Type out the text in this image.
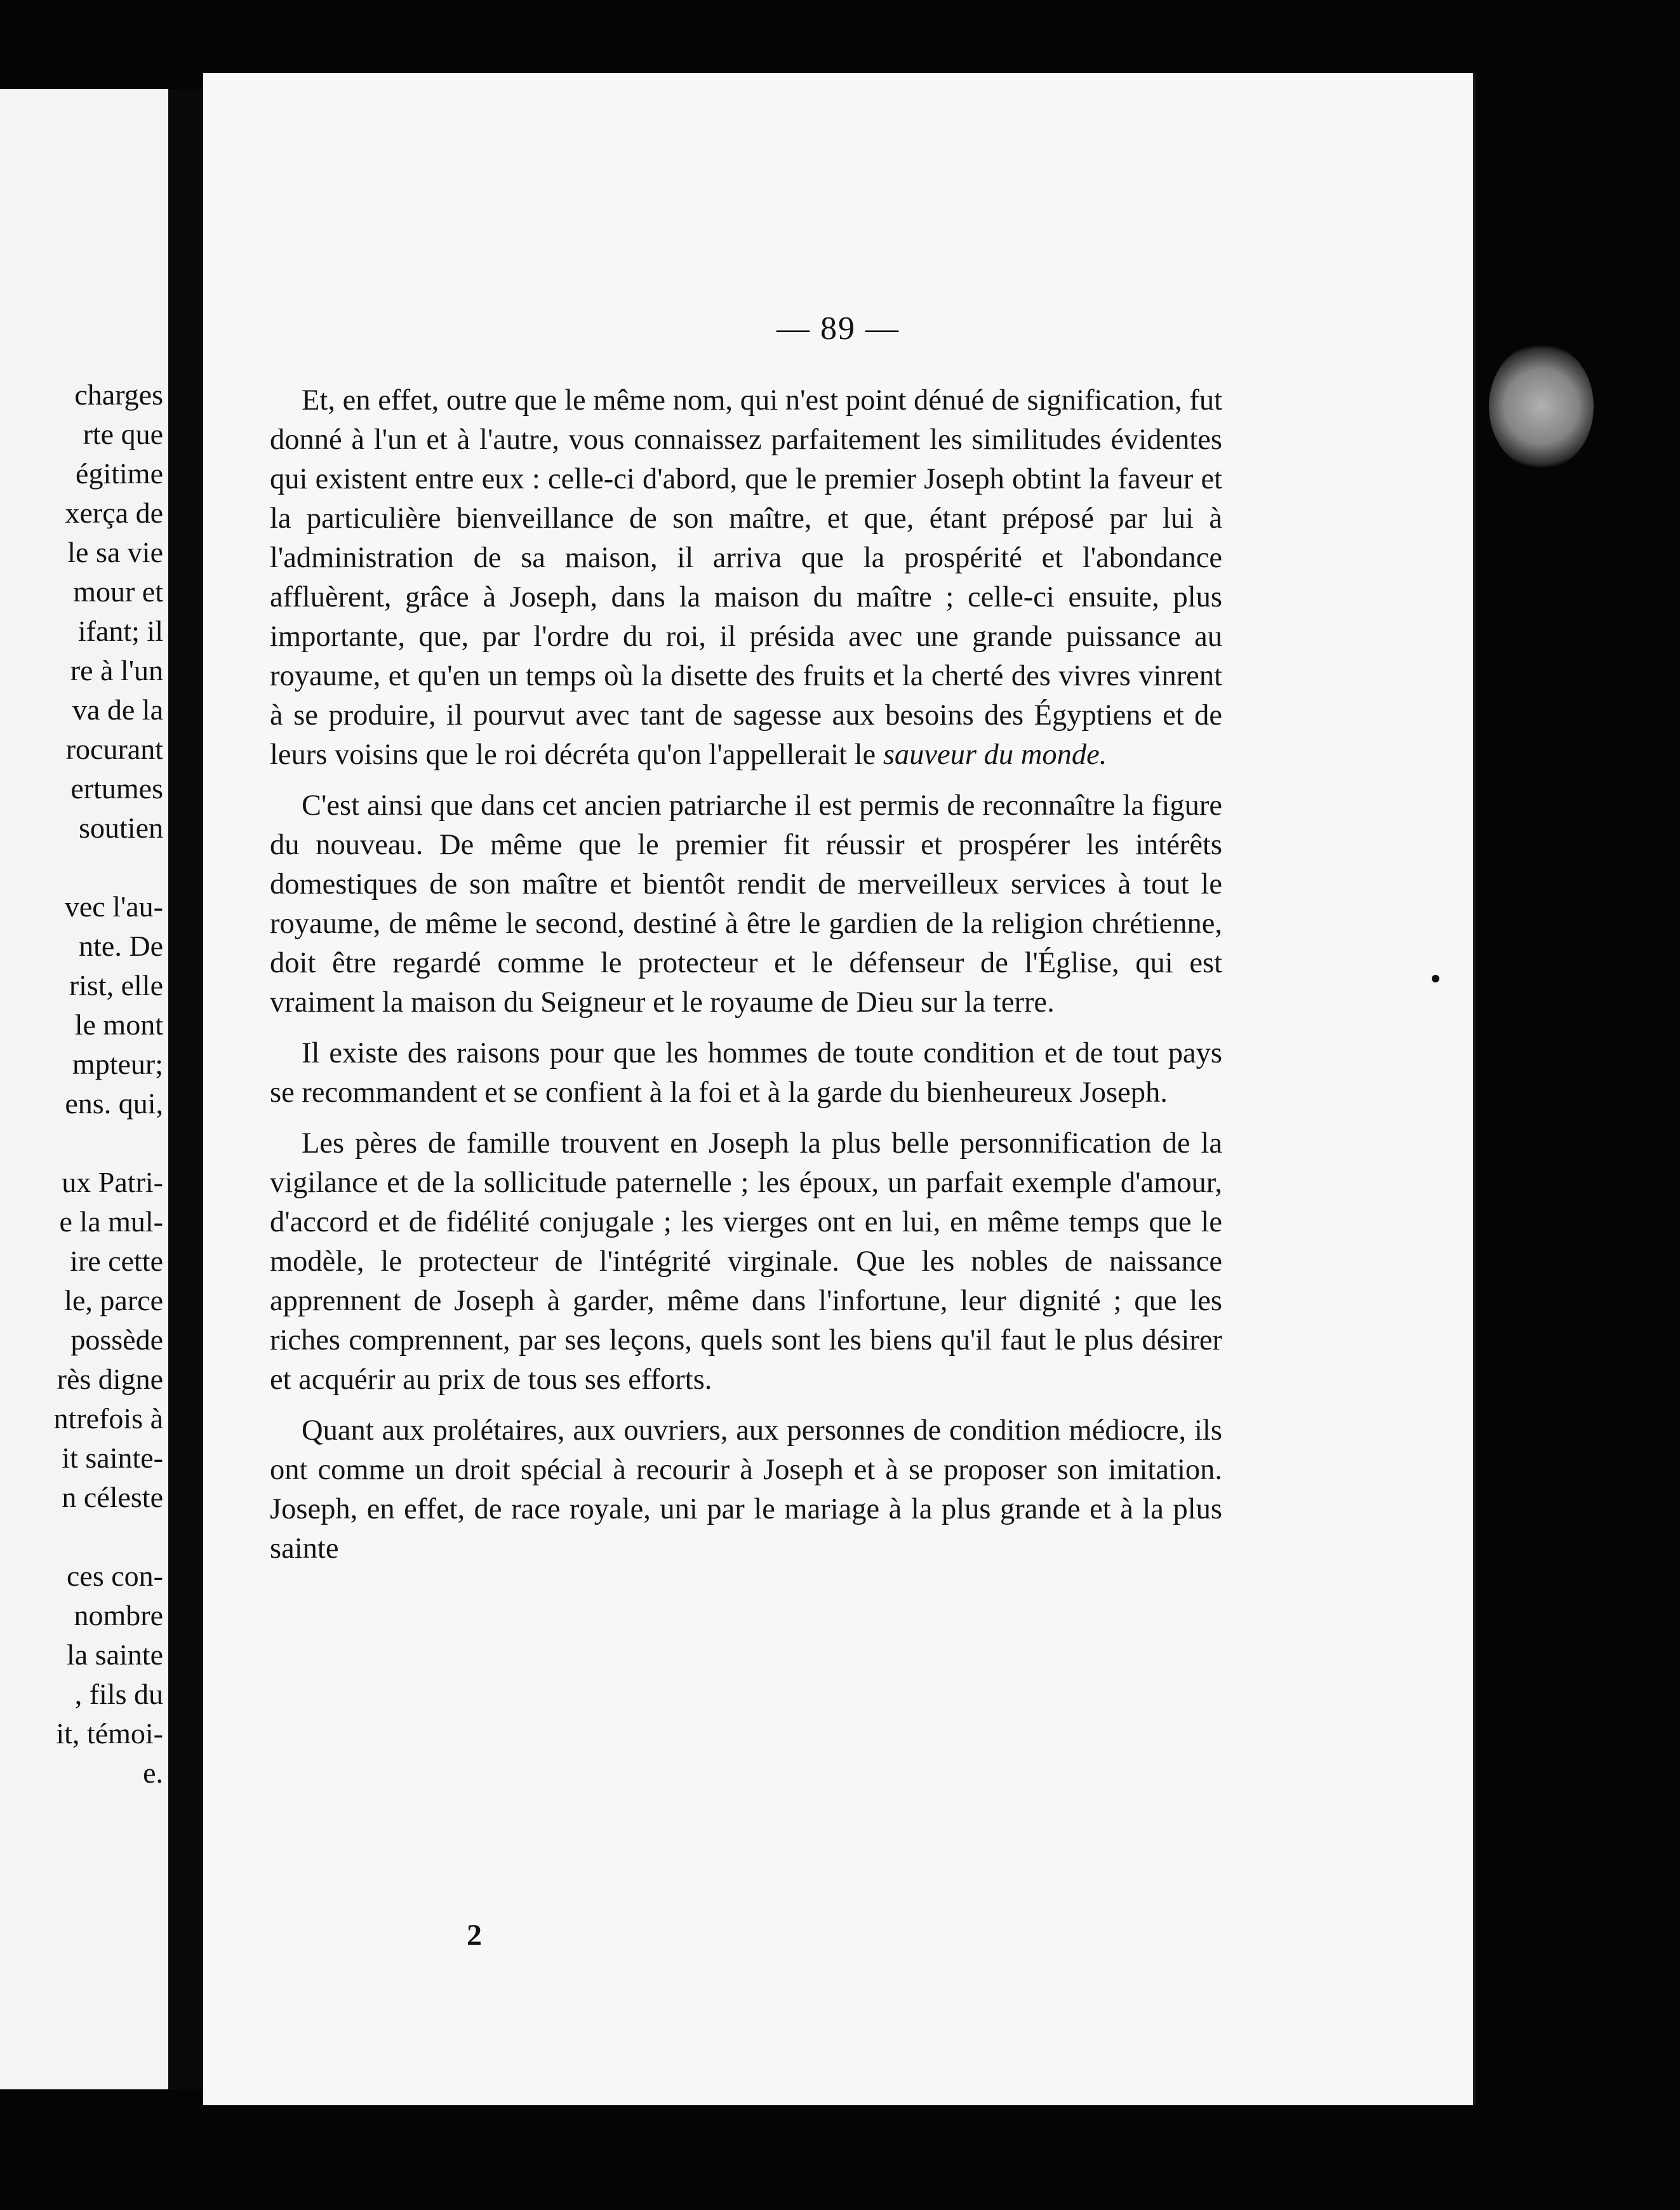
charges
rte que
égitime
xerça de
le sa vie
mour et
ifant; il
re à l'un
va de la
rocurant
ertumes
soutien
vec l'au-
nte. De
rist, elle
le mont
mpteur;
ens. qui,
ux Patri-
e la mul-
ire cette
le, parce
possède
rès digne
ntrefois à
it sainte-
n céleste
ces con-
nombre
la sainte
, fils du
it, témoi-
e.
— 89 —

Et, en effet, outre que le même nom, qui n'est point dénué de signification, fut donné à l'un et à l'autre, vous connaissez parfaitement les similitudes évidentes qui existent entre eux : celle-ci d'abord, que le premier Joseph obtint la faveur et la particulière bienveillance de son maître, et que, étant préposé par lui à l'administration de sa maison, il arriva que la prospérité et l'abondance affluèrent, grâce à Joseph, dans la maison du maître ; celle-ci ensuite, plus importante, que, par l'ordre du roi, il présida avec une grande puissance au royaume, et qu'en un temps où la disette des fruits et la cherté des vivres vinrent à se produire, il pourvut avec tant de sagesse aux besoins des Égyptiens et de leurs voisins que le roi décréta qu'on l'appellerait le sauveur du monde.

C'est ainsi que dans cet ancien patriarche il est permis de reconnaître la figure du nouveau. De même que le premier fit réussir et prospérer les intérêts domestiques de son maître et bientôt rendit de merveilleux services à tout le royaume, de même le second, destiné à être le gardien de la religion chrétienne, doit être regardé comme le protecteur et le défenseur de l'Église, qui est vraiment la maison du Seigneur et le royaume de Dieu sur la terre.

Il existe des raisons pour que les hommes de toute condition et de tout pays se recommandent et se confient à la foi et à la garde du bienheureux Joseph.

Les pères de famille trouvent en Joseph la plus belle personnification de la vigilance et de la sollicitude paternelle ; les époux, un parfait exemple d'amour, d'accord et de fidélité conjugale ; les vierges ont en lui, en même temps que le modèle, le protecteur de l'intégrité virginale. Que les nobles de naissance apprennent de Joseph à garder, même dans l'infortune, leur dignité ; que les riches comprennent, par ses leçons, quels sont les biens qu'il faut le plus désirer et acquérir au prix de tous ses efforts.

Quant aux prolétaires, aux ouvriers, aux personnes de condition médiocre, ils ont comme un droit spécial à recourir à Joseph et à se proposer son imitation. Joseph, en effet, de race royale, uni par le mariage à la plus grande et à la plus sainte

2
